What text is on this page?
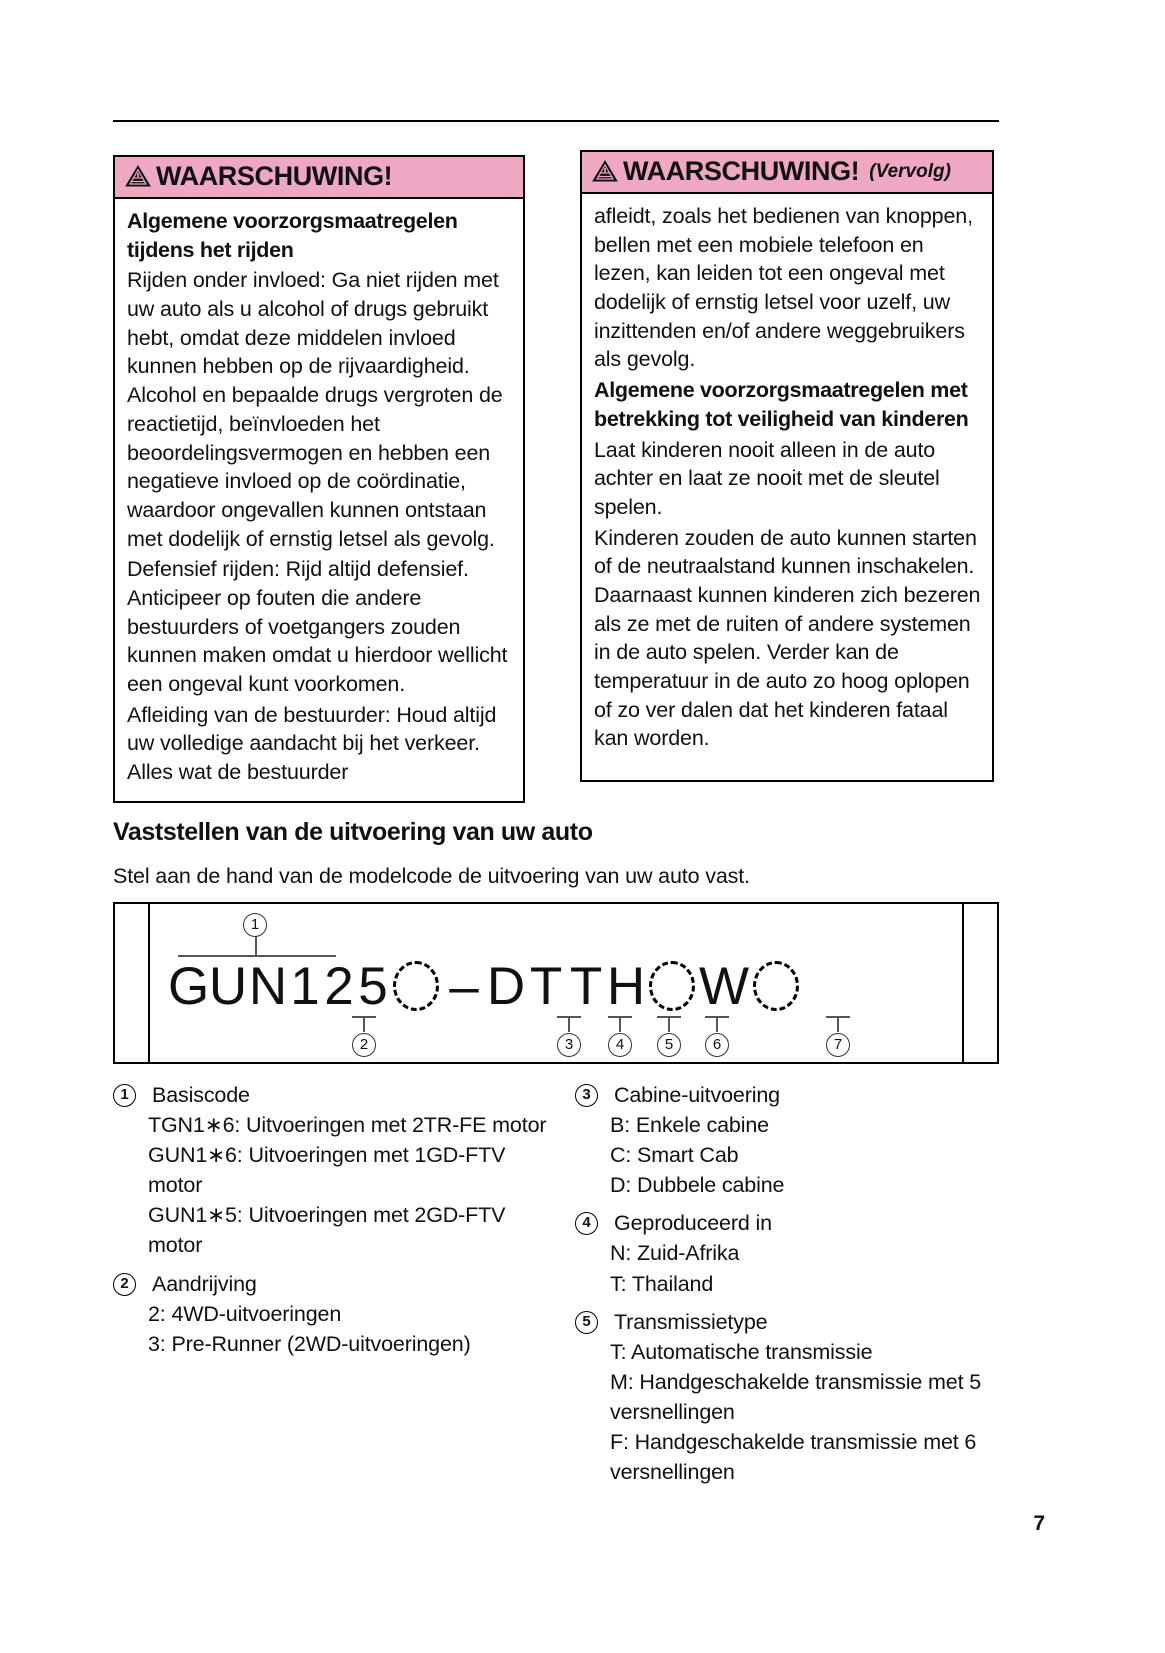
WAARSCHUWING!

Algemene voorzorgsmaatregelen tijdens het rijden

Rijden onder invloed: Ga niet rijden met uw auto als u alcohol of drugs gebruikt hebt, omdat deze middelen invloed kunnen hebben op de rijvaardigheid. Alcohol en bepaalde drugs vergroten de reactietijd, beïnvloeden het beoordelingsvermogen en hebben een negatieve invloed op de coördinatie, waardoor ongevallen kunnen ontstaan met dodelijk of ernstig letsel als gevolg.

Defensief rijden: Rijd altijd defensief. Anticipeer op fouten die andere bestuurders of voetgangers zouden kunnen maken omdat u hierdoor wellicht een ongeval kunt voorkomen.

Afleiding van de bestuurder: Houd altijd uw volledige aandacht bij het verkeer. Alles wat de bestuurder

WAARSCHUWING! (Vervolg)

afleidt, zoals het bedienen van knoppen, bellen met een mobiele telefoon en lezen, kan leiden tot een ongeval met dodelijk of ernstig letsel voor uzelf, uw inzittenden en/of andere weggebruikers als gevolg.

Algemene voorzorgsmaatregelen met betrekking tot veiligheid van kinderen

Laat kinderen nooit alleen in de auto achter en laat ze nooit met de sleutel spelen.

Kinderen zouden de auto kunnen starten of de neutraalstand kunnen inschakelen. Daarnaast kunnen kinderen zich bezeren als ze met de ruiten of andere systemen in de auto spelen. Verder kan de temperatuur in de auto zo hoog oplopen of zo ver dalen dat het kinderen fataal kan worden.

Vaststellen van de uitvoering van uw auto
Stel aan de hand van de modelcode de uitvoering van uw auto vast.
1
G U N 1 2 5 – D T T H W
2	3	4	5	6	7
1	Basiscode
TGN1∗6: Uitvoeringen met 2TR-FE motor
GUN1∗6: Uitvoeringen met 1GD-FTV motor
GUN1∗5: Uitvoeringen met 2GD-FTV motor
2	Aandrijving
2: 4WD-uitvoeringen
3: Pre-Runner (2WD-uitvoeringen)
3	Cabine-uitvoering
B: Enkele cabine
C: Smart Cab
D: Dubbele cabine
4	Geproduceerd in
N: Zuid-Afrika
T: Thailand
5	Transmissietype
T: Automatische transmissie
M: Handgeschakelde transmissie met 5 versnellingen
F: Handgeschakelde transmissie met 6 versnellingen
7
